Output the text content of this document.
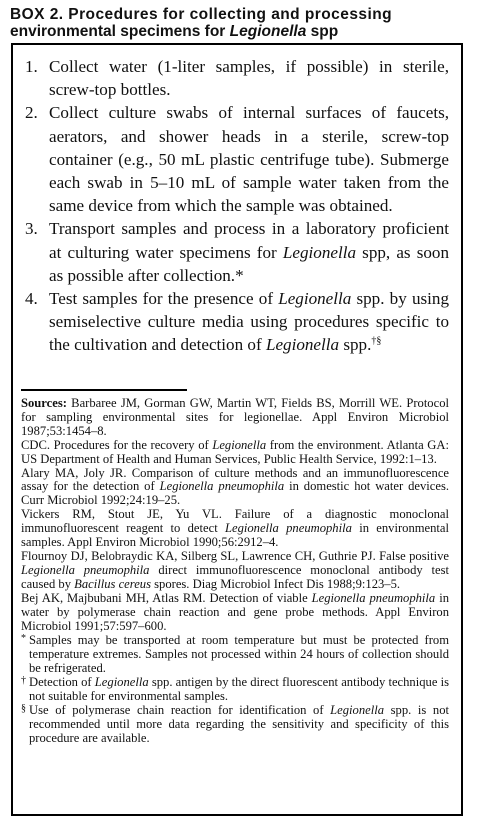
BOX 2. Procedures for collecting and processing
environmental specimens for Legionella spp
1. Collect water (1-liter samples, if possible) in sterile, screw-top bottles.
2. Collect culture swabs of internal surfaces of faucets, aerators, and shower heads in a sterile, screw-top container (e.g., 50 mL plastic centrifuge tube). Submerge each swab in 5–10 mL of sample water taken from the same device from which the sample was obtained.
3. Transport samples and process in a laboratory proficient at culturing water specimens for Legionella spp, as soon as possible after collection.*
4. Test samples for the presence of Legionella spp. by using semiselective culture media using procedures specific to the cultivation and detection of Legionella spp.†§

Sources: Barbaree JM, Gorman GW, Martin WT, Fields BS, Morrill WE. Protocol for sampling environmental sites for legionellae. Appl Environ Microbiol 1987;53:1454–8.

CDC. Procedures for the recovery of Legionella from the environment. Atlanta GA: US Department of Health and Human Services, Public Health Service, 1992:1–13.

Alary MA, Joly JR. Comparison of culture methods and an immunofluorescence assay for the detection of Legionella pneumophila in domestic hot water devices. Curr Microbiol 1992;24:19–25.

Vickers RM, Stout JE, Yu VL. Failure of a diagnostic monoclonal immunofluorescent reagent to detect Legionella pneumophila in environmental samples. Appl Environ Microbiol 1990;56:2912–4.

Flournoy DJ, Belobraydic KA, Silberg SL, Lawrence CH, Guthrie PJ. False positive Legionella pneumophila direct immunofluorescence monoclonal antibody test caused by Bacillus cereus spores. Diag Microbiol Infect Dis 1988;9:123–5.

Bej AK, Majbubani MH, Atlas RM. Detection of viable Legionella pneumophila in water by polymerase chain reaction and gene probe methods. Appl Environ Microbiol 1991;57:597–600.

* Samples may be transported at room temperature but must be protected from temperature extremes. Samples not processed within 24 hours of collection should be refrigerated.

† Detection of Legionella spp. antigen by the direct fluorescent antibody technique is not suitable for environmental samples.

§ Use of polymerase chain reaction for identification of Legionella spp. is not recommended until more data regarding the sensitivity and specificity of this procedure are available.
